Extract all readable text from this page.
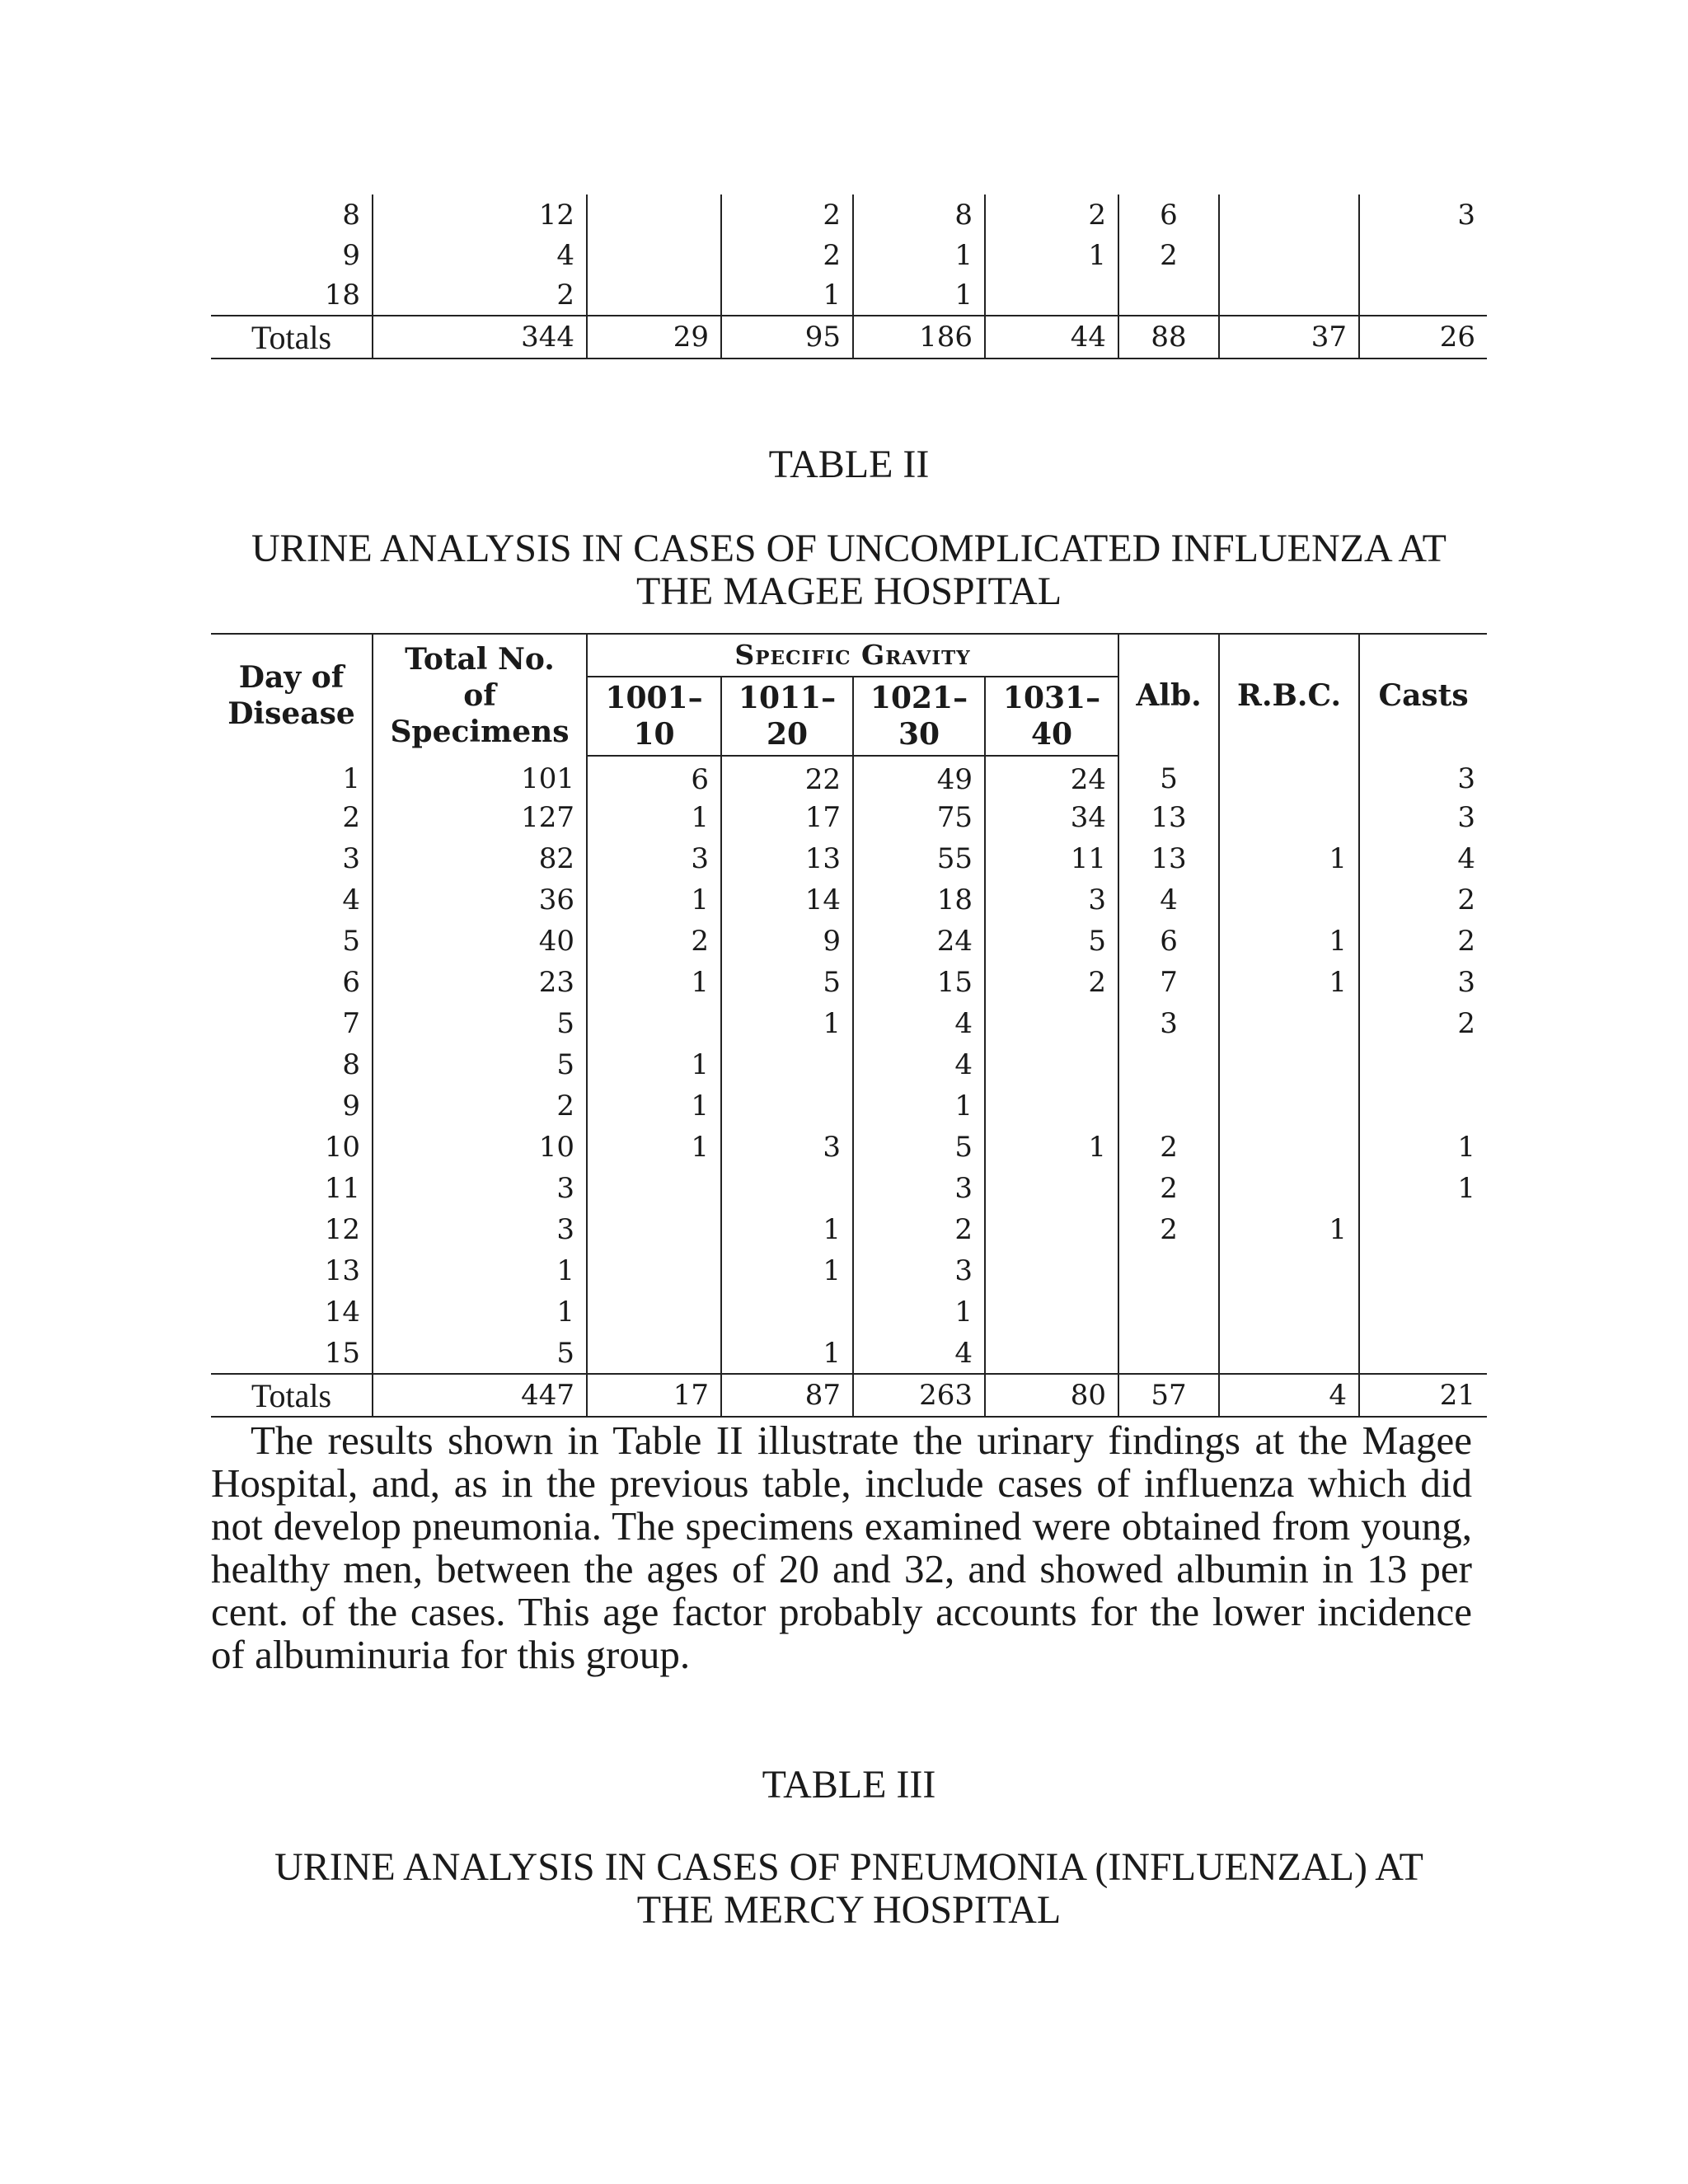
8	12		2	8	2	6		3
9	4		2	1	1	2		
18	2		1	1				
Totals	344	29	95	186	44	88	37	26
TABLE II
URINE ANALYSIS IN CASES OF UNCOMPLICATED INFLUENZA AT THE MAGEE HOSPITAL
Day of Disease	Total No. of Specimens	Specific Gravity				Alb.	R.B.C.	Casts
		1001– 10	1011– 20	1021– 30	1031– 40			
1	101	6	22	49	24	5		3
2	127	1	17	75	34	13		3
3	82	3	13	55	11	13	1	4
4	36	1	14	18	3	4		2
5	40	2	9	24	5	6	1	2
6	23	1	5	15	2	7	1	3
7	5		1	4		3		2
8	5	1		4				
9	2	1		1				
10	10	1	3	5	1	2		1
11	3			3		2		1
12	3		1	2		2	1	
13	1		1	3				
14	1			1				
15	5		1	4				
Totals	447	17	87	263	80	57	4	21

The results shown in Table II illustrate the urinary findings at the Magee Hospital, and, as in the previous table, include cases of influenza which did not develop pneumonia. The specimens examined were obtained from young, healthy men, between the ages of 20 and 32, and showed albumin in 13 per cent. of the cases. This age factor probably accounts for the lower incidence of albuminuria for this group.

TABLE III
URINE ANALYSIS IN CASES OF PNEUMONIA (INFLUENZAL) AT THE MERCY HOSPITAL
